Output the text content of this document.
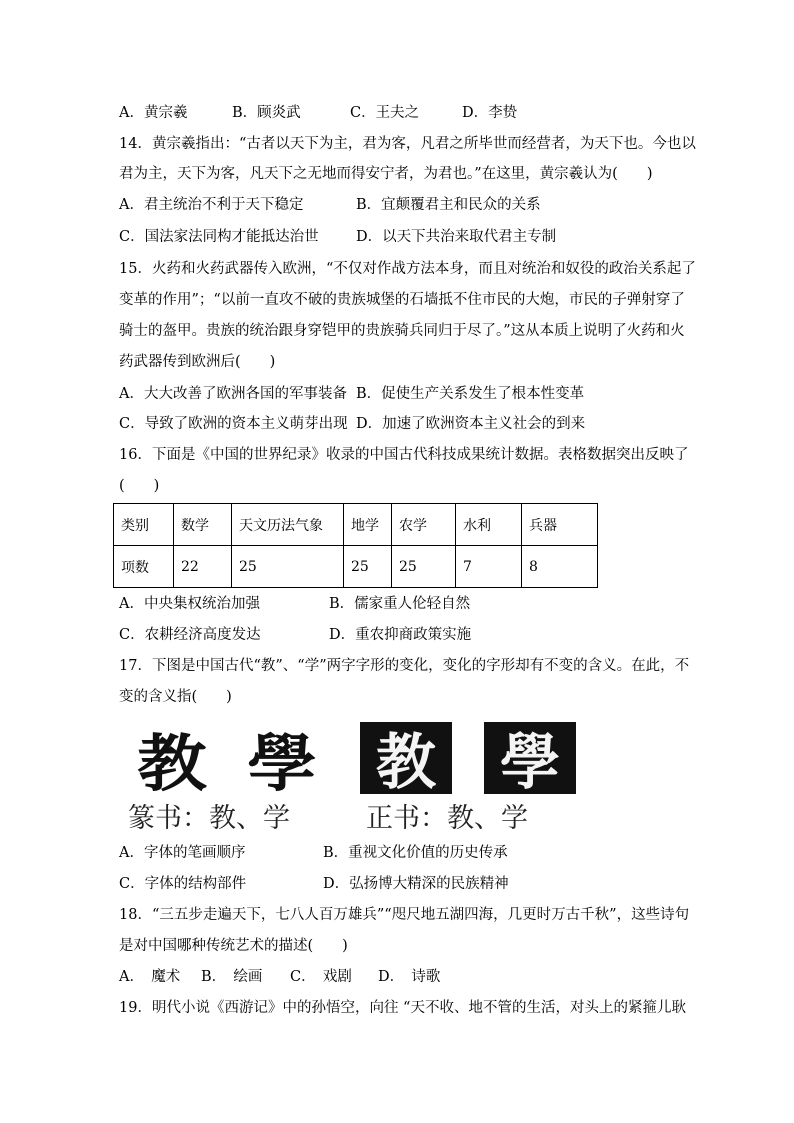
A．黄宗羲	B．顾炎武	C．王夫之	D．李贽
14．黄宗羲指出：“古者以天下为主，君为客，凡君之所毕世而经营者，为天下也。今也以
君为主，天下为客，凡天下之无地而得安宁者，为君也。”在这里，黄宗羲认为(　　)
A．君主统治不利于天下稳定	B．宜颠覆君主和民众的关系
C．国法家法同构才能抵达治世	D．以天下共治来取代君主专制
15．火药和火药武器传入欧洲，“不仅对作战方法本身，而且对统治和奴役的政治关系起了
变革的作用”；“以前一直攻不破的贵族城堡的石墙抵不住市民的大炮，市民的子弹射穿了
骑士的盔甲。贵族的统治跟身穿铠甲的贵族骑兵同归于尽了。”这从本质上说明了火药和火
药武器传到欧洲后(　　)
A．大大改善了欧洲各国的军事装备 B．促使生产关系发生了根本性变革
C．导致了欧洲的资本主义萌芽出现 D．加速了欧洲资本主义社会的到来
16．下面是《中国的世界纪录》收录的中国古代科技成果统计数据。表格数据突出反映了
(　　)
类别	数学	天文历法气象	地学	农学	水利	兵器
项数	22	25	25	25	7	8
A．中央集权统治加强	B．儒家重人伦轻自然
C．农耕经济高度发达	D．重农抑商政策实施
17．下图是中国古代“教”、“学”两字字形的变化，变化的字形却有不变的含义。在此，不
变的含义指(　　)
教 學 教 學
篆书：教、学	正书：教、学
A．字体的笔画顺序	B．重视文化价值的历史传承
C．字体的结构部件	D．弘扬博大精深的民族精神
18．“三五步走遍天下，七八人百万雄兵”“咫尺地五湖四海，几更时万古千秋”，这些诗句
是对中国哪种传统艺术的描述(　　)
A．　魔术 B．　绘画 C．　戏剧 D．　诗歌
19．明代小说《西游记》中的孙悟空，向往 “天不收、地不管的生活，对头上的紧箍儿耿
